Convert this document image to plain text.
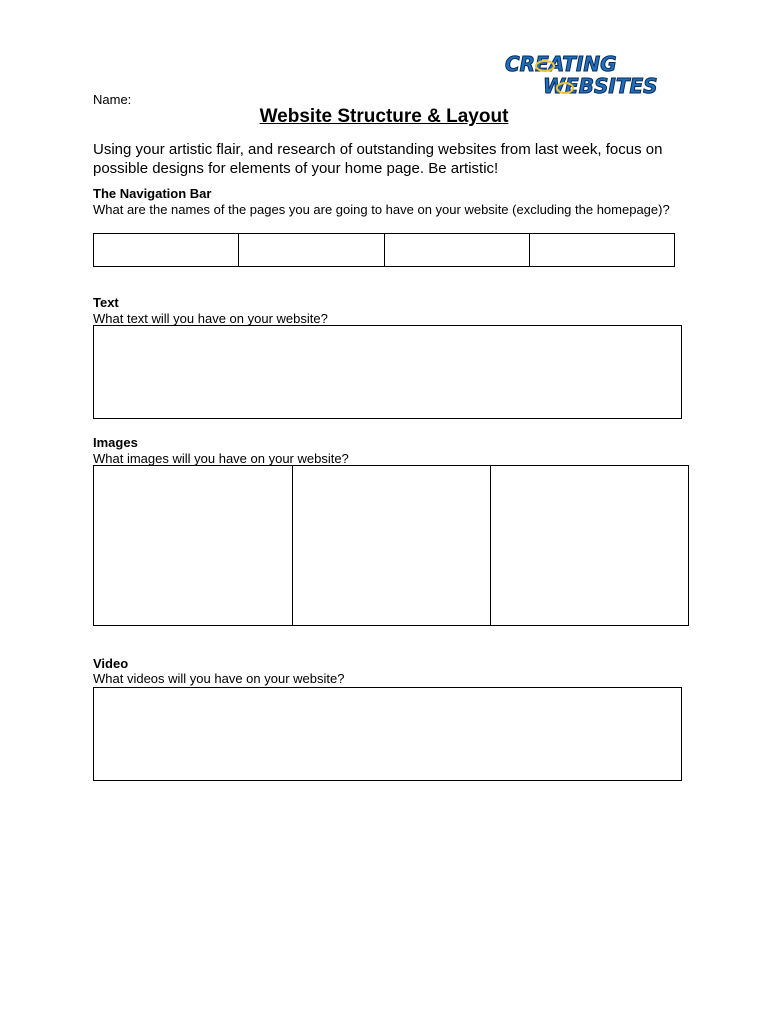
CREATING
WEBSITES
Name:
Website Structure & Layout
Using your artistic flair, and research of outstanding websites from last week, focus on possible designs for elements of your home page. Be artistic!
The Navigation Bar
What are the names of the pages you are going to have on your website (excluding the homepage)?
Text
What text will you have on your website?
Images
What images will you have on your website?
Video
What videos will you have on your website?
